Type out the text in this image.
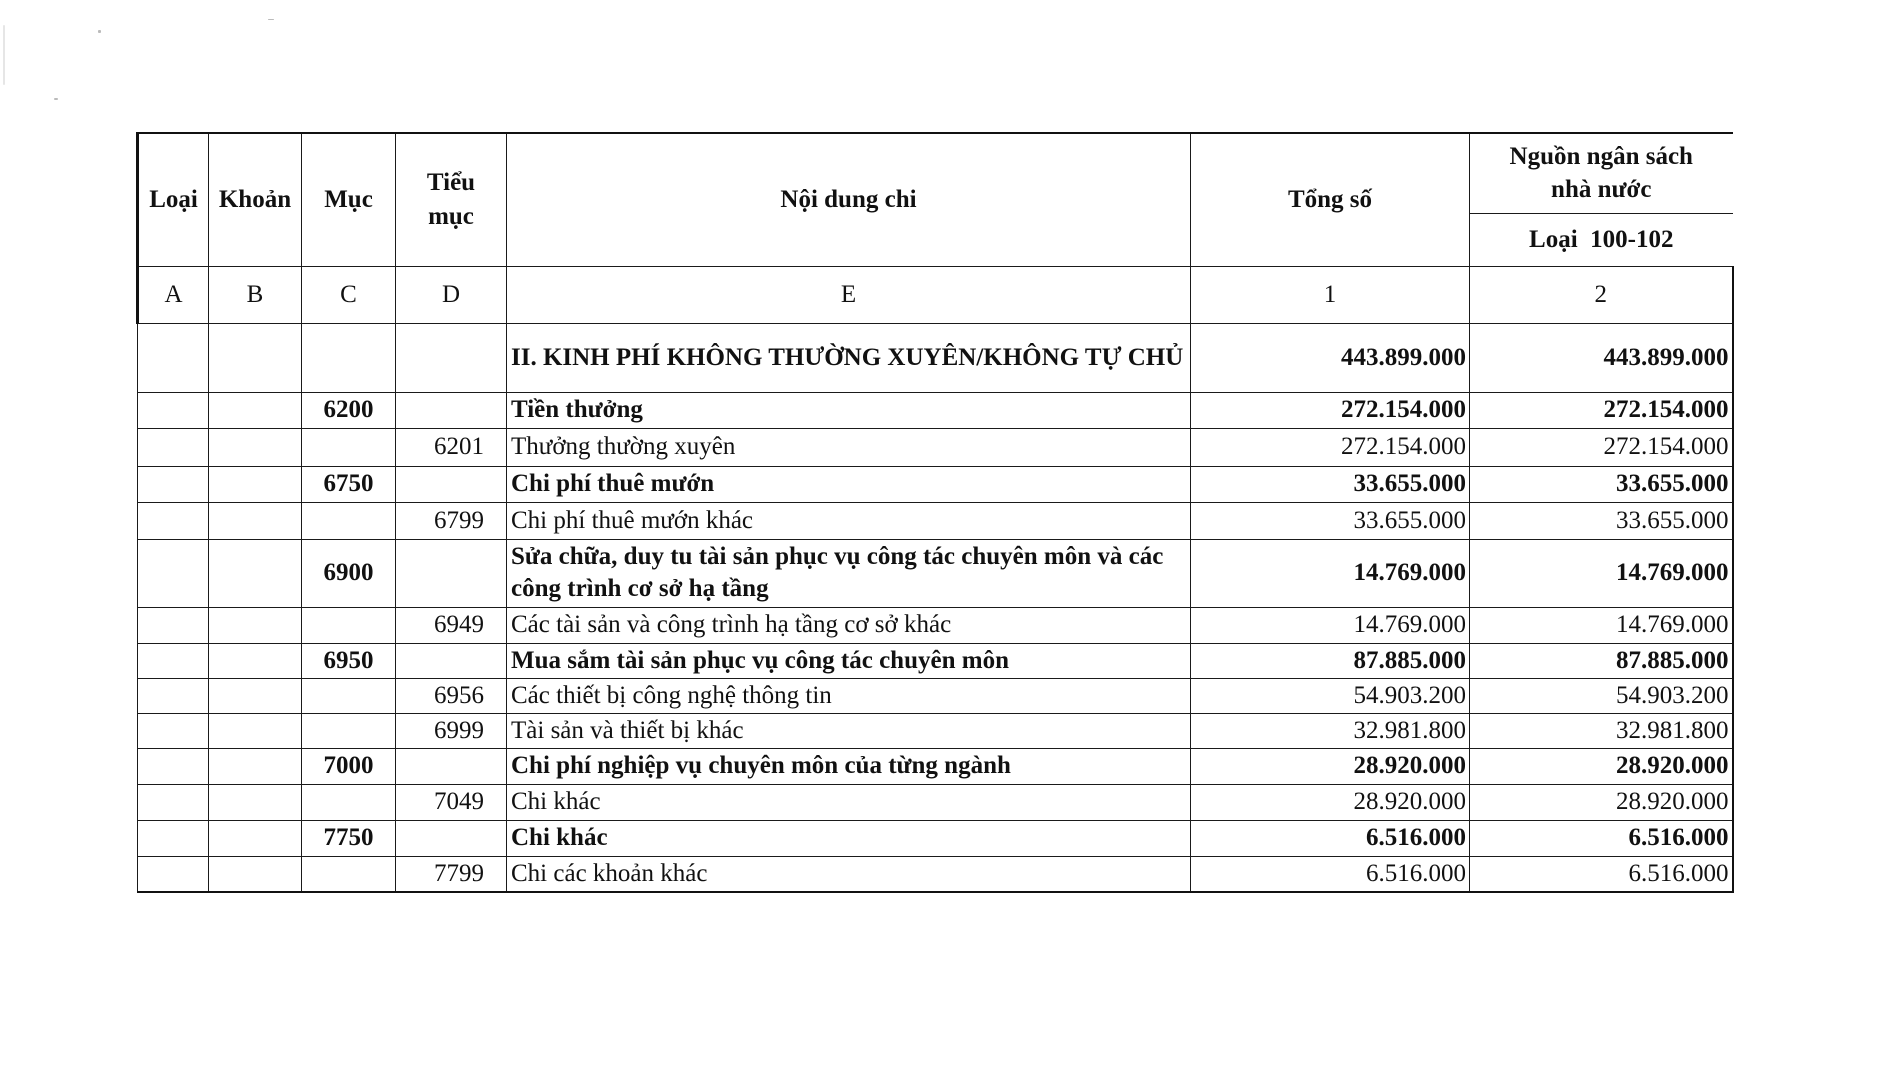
Loại	Khoản	Mục	Tiểu mục	Nội dung chi	Tổng số	Nguồn ngân sách nhà nước
						Loại  100-102
A	B	C	D	E	1	2
				II. KINH PHÍ KHÔNG THƯỜNG XUYÊN/KHÔNG TỰ CHỦ	443.899.000	443.899.000
		6200		Tiền thưởng	272.154.000	272.154.000
			6201	Thưởng thường xuyên	272.154.000	272.154.000
		6750		Chi phí thuê mướn	33.655.000	33.655.000
			6799	Chi phí thuê mướn khác	33.655.000	33.655.000
		6900		Sửa chữa, duy tu tài sản phục vụ công tác chuyên môn và các công trình cơ sở hạ tầng	14.769.000	14.769.000
			6949	Các tài sản và công trình hạ tầng cơ sở khác	14.769.000	14.769.000
		6950		Mua sắm tài sản phục vụ công tác chuyên môn	87.885.000	87.885.000
			6956	Các thiết bị công nghệ thông tin	54.903.200	54.903.200
			6999	Tài sản và thiết bị khác	32.981.800	32.981.800
		7000		Chi phí nghiệp vụ chuyên môn của từng ngành	28.920.000	28.920.000
			7049	Chi khác	28.920.000	28.920.000
		7750		Chi khác	6.516.000	6.516.000
			7799	Chi các khoản khác	6.516.000	6.516.000
